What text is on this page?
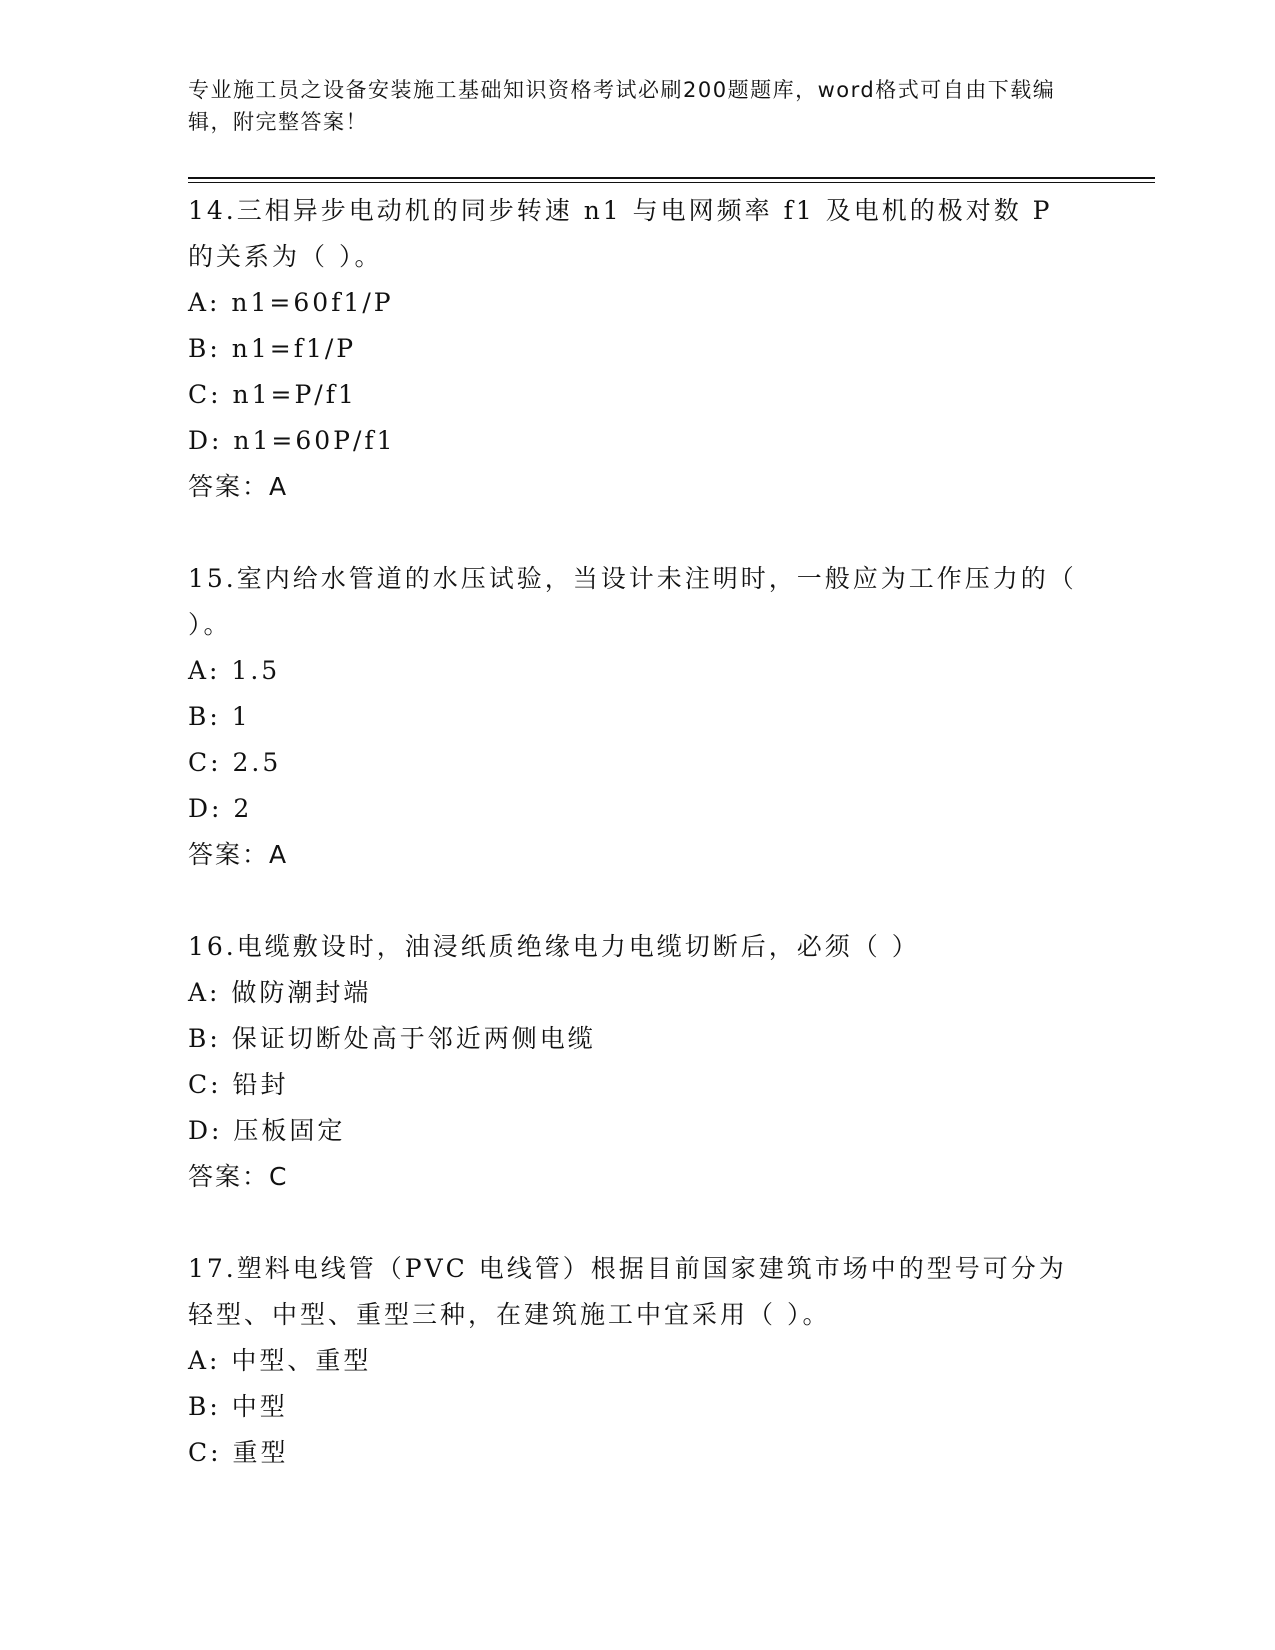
专业施工员之设备安装施工基础知识资格考试必刷200题题库，word格式可自由下载编辑，附完整答案！

14.三相异步电动机的同步转速 n1 与电网频率 f1 及电机的极对数 P 的关系为（ ）。

A: n1=60f1/P

B: n1=f1/P

C: n1=P/f1

D: n1=60P/f1

答案：A

15.室内给水管道的水压试验，当设计未注明时，一般应为工作压力的（ ）。

A: 1.5

B: 1

C: 2.5

D: 2

答案：A

16.电缆敷设时，油浸纸质绝缘电力电缆切断后，必须（ ）

A: 做防潮封端

B: 保证切断处高于邻近两侧电缆

C: 铅封

D: 压板固定

答案：C

17.塑料电线管（PVC 电线管）根据目前国家建筑市场中的型号可分为轻型、中型、重型三种，在建筑施工中宜采用（ ）。

A: 中型、重型

B: 中型

C: 重型
